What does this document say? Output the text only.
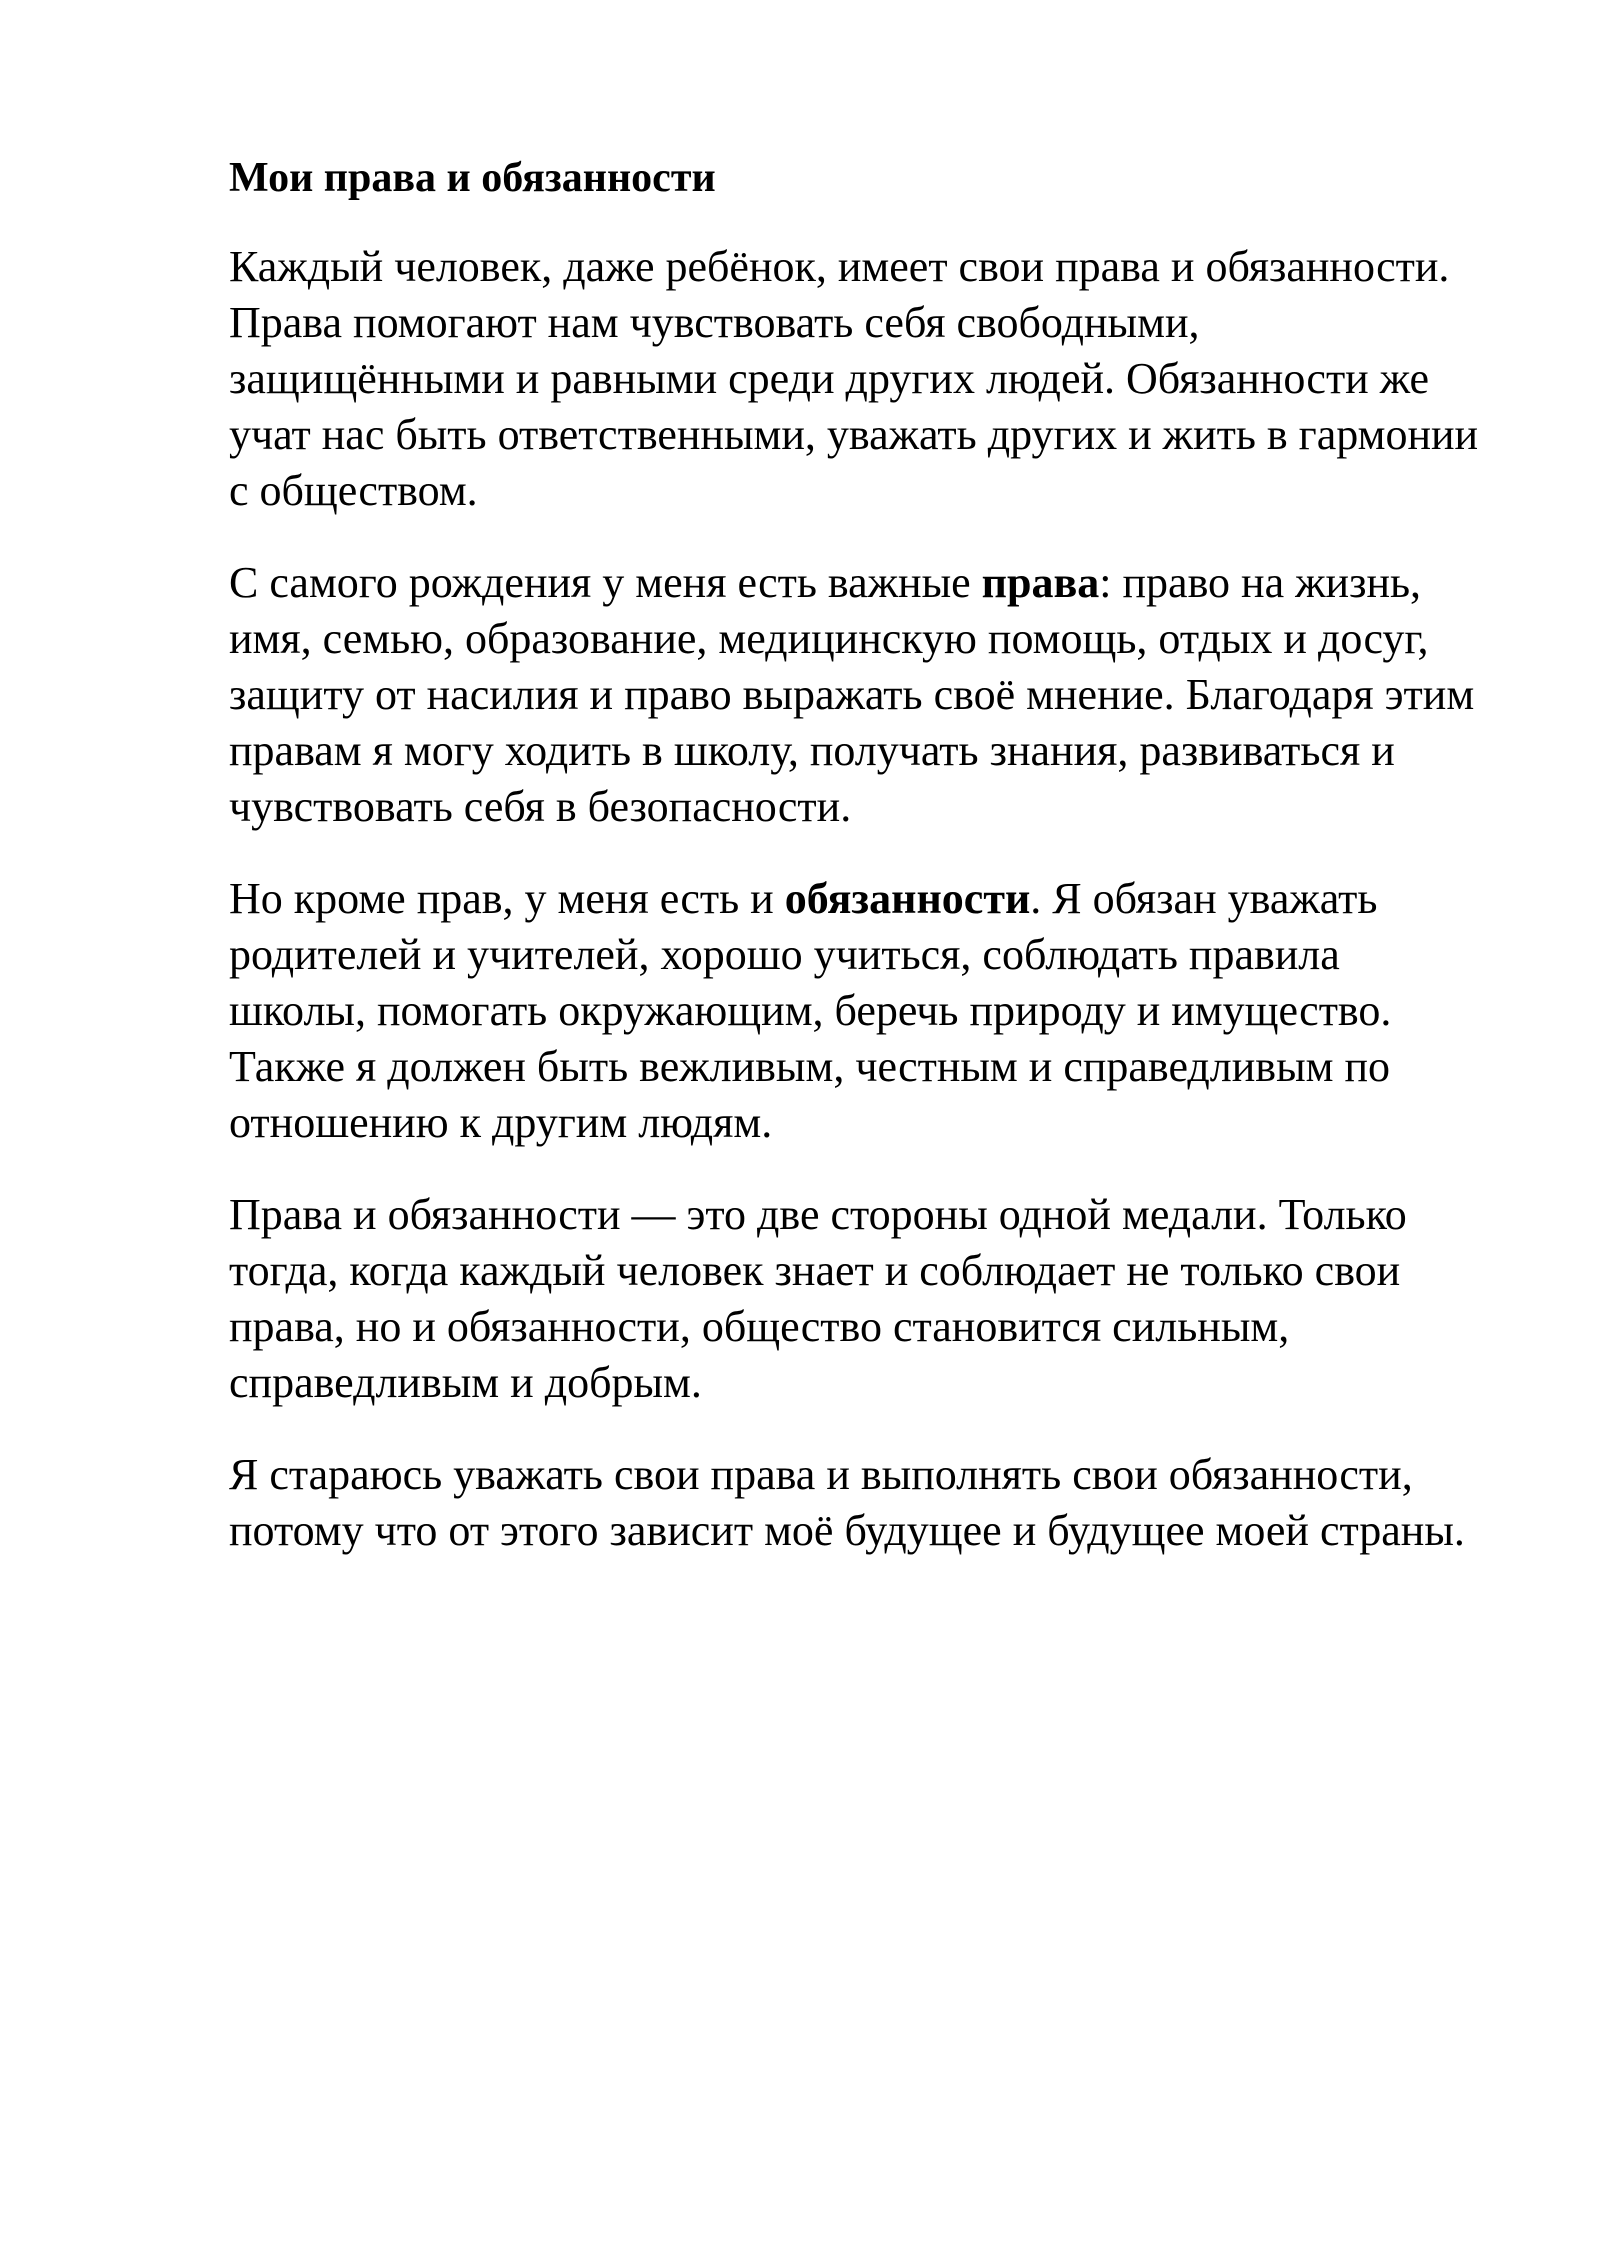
Мои права и обязанности

Каждый человек, даже ребёнок, имеет свои права и обязанности. Права помогают нам чувствовать себя свободными, защищёнными и равными среди других людей. Обязанности же учат нас быть ответственными, уважать других и жить в гармонии с обществом.

С самого рождения у меня есть важные права: право на жизнь, имя, семью, образование, медицинскую помощь, отдых и досуг, защиту от насилия и право выражать своё мнение. Благодаря этим правам я могу ходить в школу, получать знания, развиваться и чувствовать себя в безопасности.

Но кроме прав, у меня есть и обязанности. Я обязан уважать родителей и учителей, хорошо учиться, соблюдать правила школы, помогать окружающим, беречь природу и имущество. Также я должен быть вежливым, честным и справедливым по отношению к другим людям.

Права и обязанности — это две стороны одной медали. Только тогда, когда каждый человек знает и соблюдает не только свои права, но и обязанности, общество становится сильным, справедливым и добрым.

Я стараюсь уважать свои права и выполнять свои обязанности, потому что от этого зависит моё будущее и будущее моей страны.
